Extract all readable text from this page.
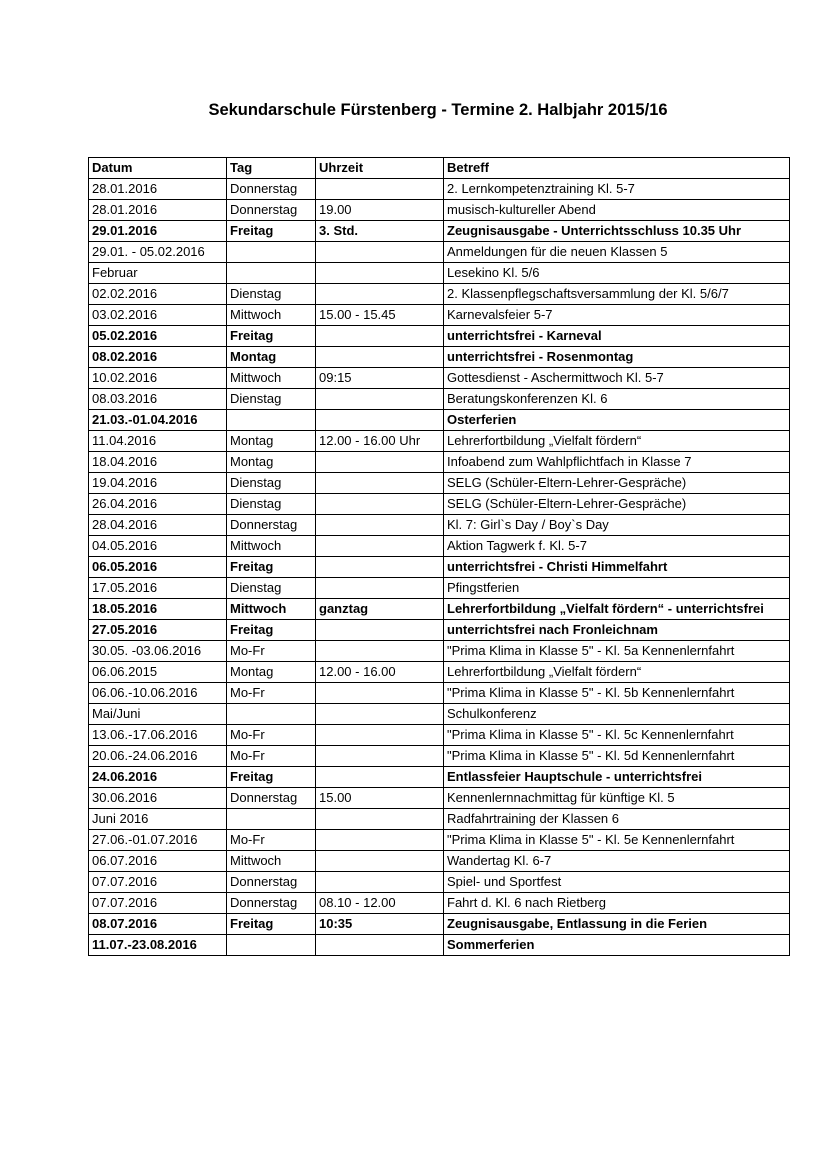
Sekundarschule Fürstenberg - Termine 2. Halbjahr 2015/16
Datum	Tag	Uhrzeit	Betreff
28.01.2016	Donnerstag		2. Lernkompetenztraining Kl. 5-7
28.01.2016	Donnerstag	19.00	musisch-kultureller Abend
29.01.2016	Freitag	3. Std.	Zeugnisausgabe - Unterrichtsschluss 10.35 Uhr
29.01. - 05.02.2016			Anmeldungen für die neuen Klassen 5
Februar			Lesekino Kl. 5/6
02.02.2016	Dienstag		2. Klassenpflegschaftsversammlung der Kl. 5/6/7
03.02.2016	Mittwoch	15.00 - 15.45	Karnevalsfeier 5-7
05.02.2016	Freitag		unterrichtsfrei - Karneval
08.02.2016	Montag		unterrichtsfrei - Rosenmontag
10.02.2016	Mittwoch	09:15	Gottesdienst - Aschermittwoch Kl. 5-7
08.03.2016	Dienstag		Beratungskonferenzen Kl. 6
21.03.-01.04.2016			Osterferien
11.04.2016	Montag	12.00 - 16.00 Uhr	Lehrerfortbildung „Vielfalt fördern“
18.04.2016	Montag		Infoabend zum Wahlpflichtfach in Klasse 7
19.04.2016	Dienstag		SELG (Schüler-Eltern-Lehrer-Gespräche)
26.04.2016	Dienstag		SELG (Schüler-Eltern-Lehrer-Gespräche)
28.04.2016	Donnerstag		Kl. 7: Girl`s Day / Boy`s Day
04.05.2016	Mittwoch		Aktion Tagwerk f. Kl. 5-7
06.05.2016	Freitag		unterrichtsfrei - Christi Himmelfahrt
17.05.2016	Dienstag		Pfingstferien
18.05.2016	Mittwoch	ganztag	Lehrerfortbildung „Vielfalt fördern“ - unterrichtsfrei
27.05.2016	Freitag		unterrichtsfrei nach Fronleichnam
30.05. -03.06.2016	Mo-Fr		"Prima Klima in Klasse 5" - Kl. 5a Kennenlernfahrt
06.06.2015	Montag	12.00 - 16.00	Lehrerfortbildung „Vielfalt fördern“
06.06.-10.06.2016	Mo-Fr		"Prima Klima in Klasse 5" - Kl. 5b Kennenlernfahrt
Mai/Juni			Schulkonferenz
13.06.-17.06.2016	Mo-Fr		"Prima Klima in Klasse 5" - Kl. 5c Kennenlernfahrt
20.06.-24.06.2016	Mo-Fr		"Prima Klima in Klasse 5" - Kl. 5d Kennenlernfahrt
24.06.2016	Freitag		Entlassfeier Hauptschule - unterrichtsfrei
30.06.2016	Donnerstag	15.00	Kennenlernnachmittag für künftige Kl. 5
Juni 2016			Radfahrtraining der Klassen 6
27.06.-01.07.2016	Mo-Fr		"Prima Klima in Klasse 5" - Kl. 5e Kennenlernfahrt
06.07.2016	Mittwoch		Wandertag Kl. 6-7
07.07.2016	Donnerstag		Spiel- und Sportfest
07.07.2016	Donnerstag	08.10 - 12.00	Fahrt d. Kl. 6 nach Rietberg
08.07.2016	Freitag	10:35	Zeugnisausgabe, Entlassung in die Ferien
11.07.-23.08.2016			Sommerferien
